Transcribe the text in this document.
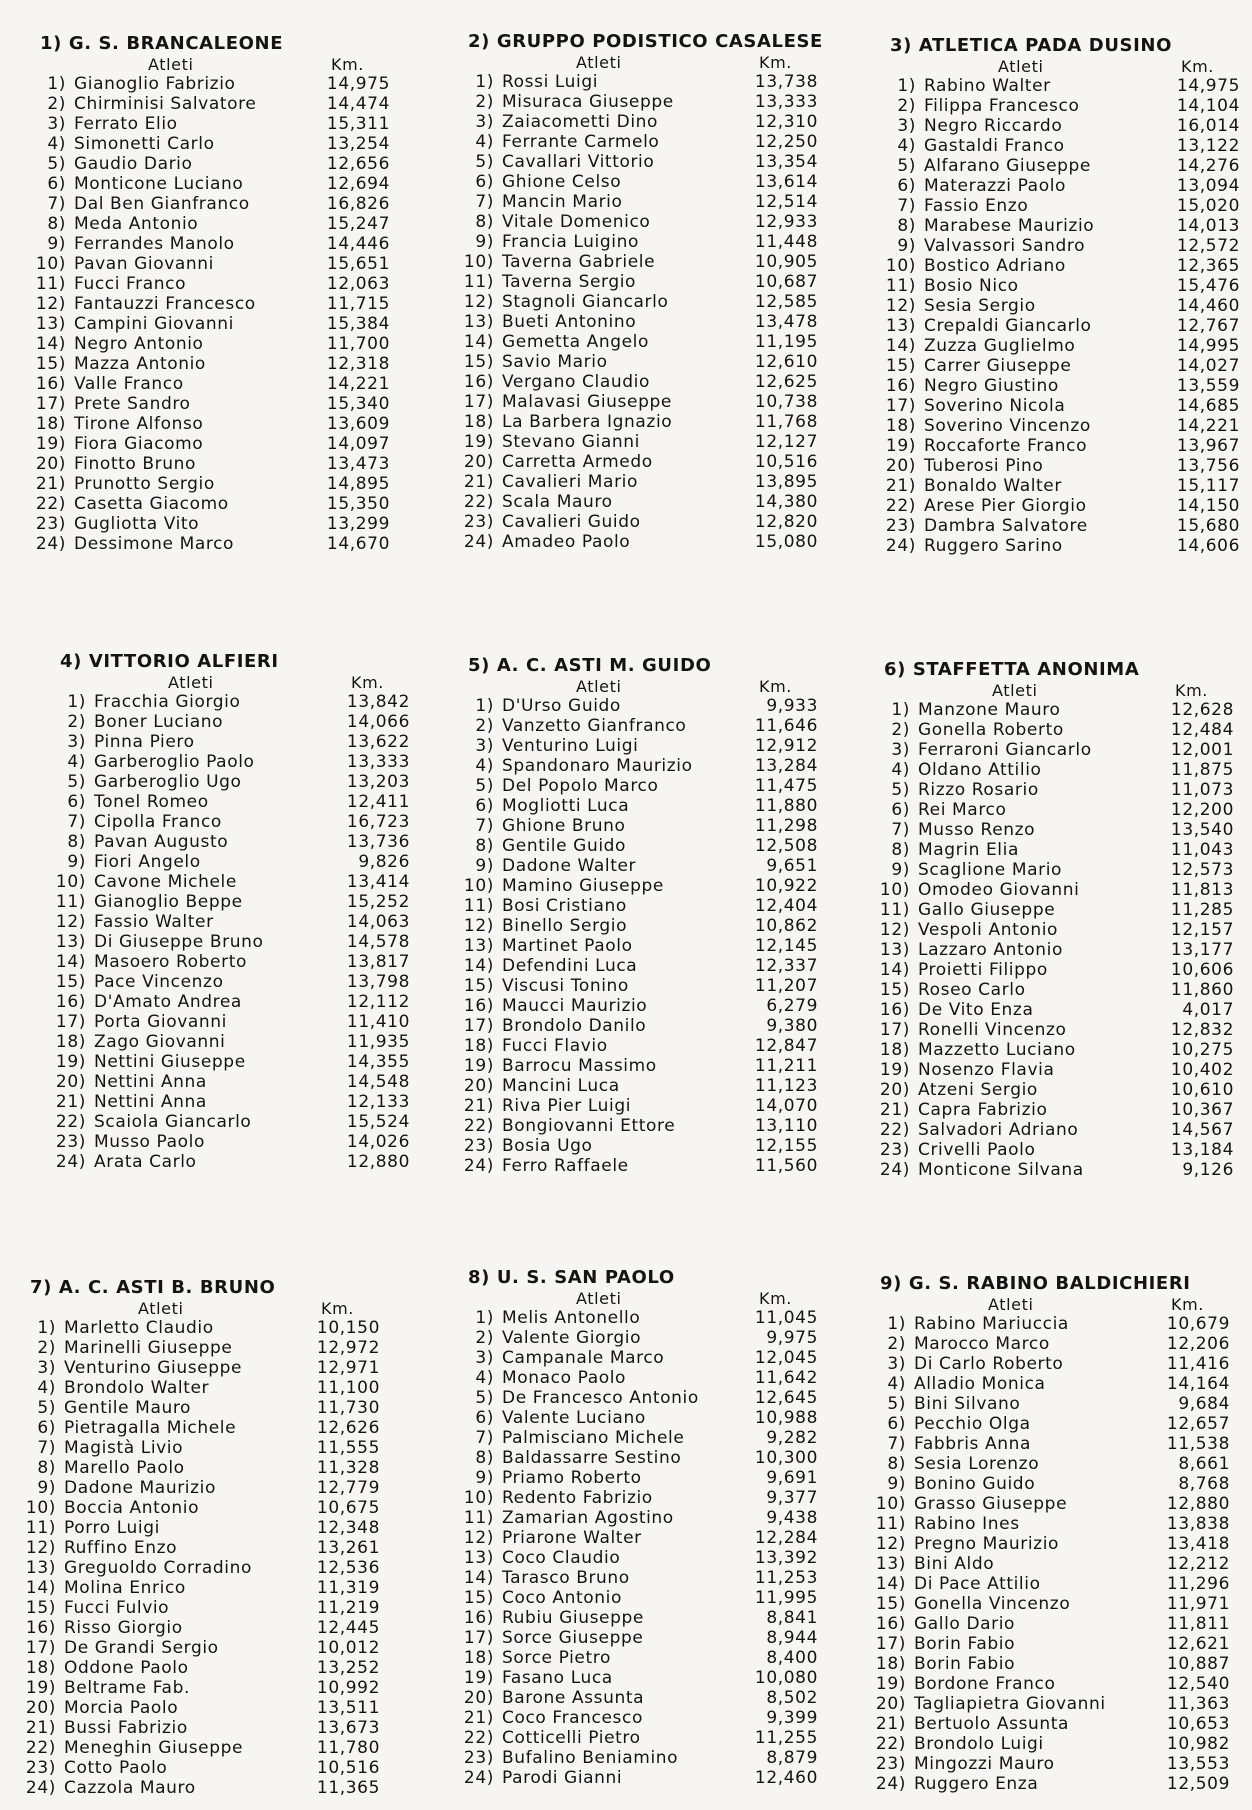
1) G. S. BRANCALEONE
Atleti	Km.
1) Gianoglio Fabrizio	14,975
2) Chirminisi Salvatore	14,474
3) Ferrato Elio	15,311
4) Simonetti Carlo	13,254
5) Gaudio Dario	12,656
6) Monticone Luciano	12,694
7) Dal Ben Gianfranco	16,826
8) Meda Antonio	15,247
9) Ferrandes Manolo	14,446
10) Pavan Giovanni	15,651
11) Fucci Franco	12,063
12) Fantauzzi Francesco	11,715
13) Campini Giovanni	15,384
14) Negro Antonio	11,700
15) Mazza Antonio	12,318
16) Valle Franco	14,221
17) Prete Sandro	15,340
18) Tirone Alfonso	13,609
19) Fiora Giacomo	14,097
20) Finotto Bruno	13,473
21) Prunotto Sergio	14,895
22) Casetta Giacomo	15,350
23) Gugliotta Vito	13,299
24) Dessimone Marco	14,670
2) GRUPPO PODISTICO CASALESE
Atleti	Km.
1) Rossi Luigi	13,738
2) Misuraca Giuseppe	13,333
3) Zaiacometti Dino	12,310
4) Ferrante Carmelo	12,250
5) Cavallari Vittorio	13,354
6) Ghione Celso	13,614
7) Mancin Mario	12,514
8) Vitale Domenico	12,933
9) Francia Luigino	11,448
10) Taverna Gabriele	10,905
11) Taverna Sergio	10,687
12) Stagnoli Giancarlo	12,585
13) Bueti Antonino	13,478
14) Gemetta Angelo	11,195
15) Savio Mario	12,610
16) Vergano Claudio	12,625
17) Malavasi Giuseppe	10,738
18) La Barbera Ignazio	11,768
19) Stevano Gianni	12,127
20) Carretta Armedo	10,516
21) Cavalieri Mario	13,895
22) Scala Mauro	14,380
23) Cavalieri Guido	12,820
24) Amadeo Paolo	15,080
3) ATLETICA PADA DUSINO
Atleti	Km.
1) Rabino Walter	14,975
2) Filippa Francesco	14,104
3) Negro Riccardo	16,014
4) Gastaldi Franco	13,122
5) Alfarano Giuseppe	14,276
6) Materazzi Paolo	13,094
7) Fassio Enzo	15,020
8) Marabese Maurizio	14,013
9) Valvassori Sandro	12,572
10) Bostico Adriano	12,365
11) Bosio Nico	15,476
12) Sesia Sergio	14,460
13) Crepaldi Giancarlo	12,767
14) Zuzza Guglielmo	14,995
15) Carrer Giuseppe	14,027
16) Negro Giustino	13,559
17) Soverino Nicola	14,685
18) Soverino Vincenzo	14,221
19) Roccaforte Franco	13,967
20) Tuberosi Pino	13,756
21) Bonaldo Walter	15,117
22) Arese Pier Giorgio	14,150
23) Dambra Salvatore	15,680
24) Ruggero Sarino	14,606
4) VITTORIO ALFIERI
Atleti	Km.
1) Fracchia Giorgio	13,842
2) Boner Luciano	14,066
3) Pinna Piero	13,622
4) Garberoglio Paolo	13,333
5) Garberoglio Ugo	13,203
6) Tonel Romeo	12,411
7) Cipolla Franco	16,723
8) Pavan Augusto	13,736
9) Fiori Angelo	9,826
10) Cavone Michele	13,414
11) Gianoglio Beppe	15,252
12) Fassio Walter	14,063
13) Di Giuseppe Bruno	14,578
14) Masoero Roberto	13,817
15) Pace Vincenzo	13,798
16) D'Amato Andrea	12,112
17) Porta Giovanni	11,410
18) Zago Giovanni	11,935
19) Nettini Giuseppe	14,355
20) Nettini Anna	14,548
21) Nettini Anna	12,133
22) Scaiola Giancarlo	15,524
23) Musso Paolo	14,026
24) Arata Carlo	12,880
5) A. C. ASTI M. GUIDO
Atleti	Km.
1) D'Urso Guido	9,933
2) Vanzetto Gianfranco	11,646
3) Venturino Luigi	12,912
4) Spandonaro Maurizio	13,284
5) Del Popolo Marco	11,475
6) Mogliotti Luca	11,880
7) Ghione Bruno	11,298
8) Gentile Guido	12,508
9) Dadone Walter	9,651
10) Mamino Giuseppe	10,922
11) Bosi Cristiano	12,404
12) Binello Sergio	10,862
13) Martinet Paolo	12,145
14) Defendini Luca	12,337
15) Viscusi Tonino	11,207
16) Maucci Maurizio	6,279
17) Brondolo Danilo	9,380
18) Fucci Flavio	12,847
19) Barrocu Massimo	11,211
20) Mancini Luca	11,123
21) Riva Pier Luigi	14,070
22) Bongiovanni Ettore	13,110
23) Bosia Ugo	12,155
24) Ferro Raffaele	11,560
6) STAFFETTA ANONIMA
Atleti	Km.
1) Manzone Mauro	12,628
2) Gonella Roberto	12,484
3) Ferraroni Giancarlo	12,001
4) Oldano Attilio	11,875
5) Rizzo Rosario	11,073
6) Rei Marco	12,200
7) Musso Renzo	13,540
8) Magrin Elia	11,043
9) Scaglione Mario	12,573
10) Omodeo Giovanni	11,813
11) Gallo Giuseppe	11,285
12) Vespoli Antonio	12,157
13) Lazzaro Antonio	13,177
14) Proietti Filippo	10,606
15) Roseo Carlo	11,860
16) De Vito Enza	4,017
17) Ronelli Vincenzo	12,832
18) Mazzetto Luciano	10,275
19) Nosenzo Flavia	10,402
20) Atzeni Sergio	10,610
21) Capra Fabrizio	10,367
22) Salvadori Adriano	14,567
23) Crivelli Paolo	13,184
24) Monticone Silvana	9,126
7) A. C. ASTI B. BRUNO
Atleti	Km.
1) Marletto Claudio	10,150
2) Marinelli Giuseppe	12,972
3) Venturino Giuseppe	12,971
4) Brondolo Walter	11,100
5) Gentile Mauro	11,730
6) Pietragalla Michele	12,626
7) Magistà Livio	11,555
8) Marello Paolo	11,328
9) Dadone Maurizio	12,779
10) Boccia Antonio	10,675
11) Porro Luigi	12,348
12) Ruffino Enzo	13,261
13) Greguoldo Corradino	12,536
14) Molina Enrico	11,319
15) Fucci Fulvio	11,219
16) Risso Giorgio	12,445
17) De Grandi Sergio	10,012
18) Oddone Paolo	13,252
19) Beltrame Fab.	10,992
20) Morcia Paolo	13,511
21) Bussi Fabrizio	13,673
22) Meneghin Giuseppe	11,780
23) Cotto Paolo	10,516
24) Cazzola Mauro	11,365
8) U. S. SAN PAOLO
Atleti	Km.
1) Melis Antonello	11,045
2) Valente Giorgio	9,975
3) Campanale Marco	12,045
4) Monaco Paolo	11,642
5) De Francesco Antonio	12,645
6) Valente Luciano	10,988
7) Palmisciano Michele	9,282
8) Baldassarre Sestino	10,300
9) Priamo Roberto	9,691
10) Redento Fabrizio	9,377
11) Zamarian Agostino	9,438
12) Priarone Walter	12,284
13) Coco Claudio	13,392
14) Tarasco Bruno	11,253
15) Coco Antonio	11,995
16) Rubiu Giuseppe	8,841
17) Sorce Giuseppe	8,944
18) Sorce Pietro	8,400
19) Fasano Luca	10,080
20) Barone Assunta	8,502
21) Coco Francesco	9,399
22) Cotticelli Pietro	11,255
23) Bufalino Beniamino	8,879
24) Parodi Gianni	12,460
9) G. S. RABINO BALDICHIERI
Atleti	Km.
1) Rabino Mariuccia	10,679
2) Marocco Marco	12,206
3) Di Carlo Roberto	11,416
4) Alladio Monica	14,164
5) Bini Silvano	9,684
6) Pecchio Olga	12,657
7) Fabbris Anna	11,538
8) Sesia Lorenzo	8,661
9) Bonino Guido	8,768
10) Grasso Giuseppe	12,880
11) Rabino Ines	13,838
12) Pregno Maurizio	13,418
13) Bini Aldo	12,212
14) Di Pace Attilio	11,296
15) Gonella Vincenzo	11,971
16) Gallo Dario	11,811
17) Borin Fabio	12,621
18) Borin Fabio	10,887
19) Bordone Franco	12,540
20) Tagliapietra Giovanni	11,363
21) Bertuolo Assunta	10,653
22) Brondolo Luigi	10,982
23) Mingozzi Mauro	13,553
24) Ruggero Enza	12,509
